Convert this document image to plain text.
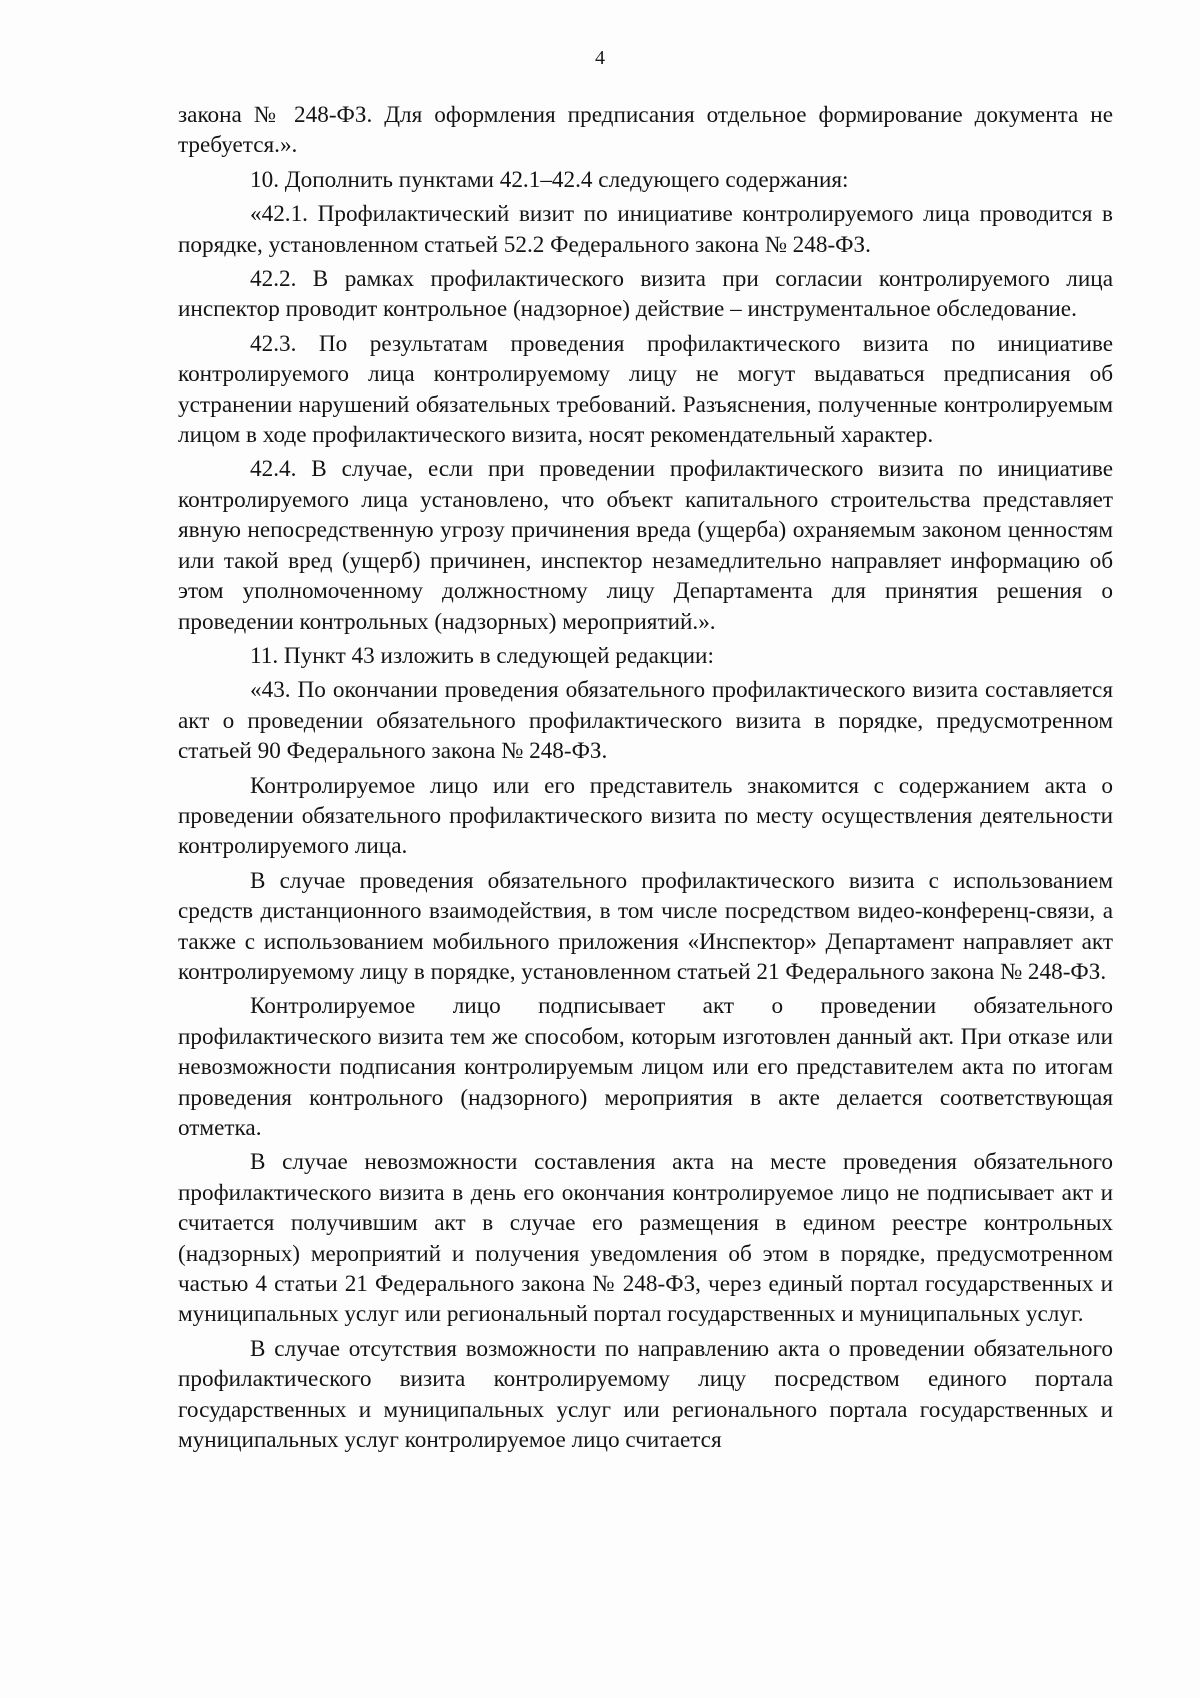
4

закона № 248-ФЗ. Для оформления предписания отдельное формирование документа не требуется.».

10. Дополнить пунктами 42.1–42.4 следующего содержания:

«42.1. Профилактический визит по инициативе контролируемого лица проводится в порядке, установленном статьей 52.2 Федерального закона № 248-ФЗ.

42.2. В рамках профилактического визита при согласии контролируемого лица инспектор проводит контрольное (надзорное) действие – инструментальное обследование.

42.3. По результатам проведения профилактического визита по инициативе контролируемого лица контролируемому лицу не могут выдаваться предписания об устранении нарушений обязательных требований. Разъяснения, полученные контролируемым лицом в ходе профилактического визита, носят рекомендательный характер.

42.4. В случае, если при проведении профилактического визита по инициативе контролируемого лица установлено, что объект капитального строительства представляет явную непосредственную угрозу причинения вреда (ущерба) охраняемым законом ценностям или такой вред (ущерб) причинен, инспектор незамедлительно направляет информацию об этом уполномоченному должностному лицу Департамента для принятия решения о проведении контрольных (надзорных) мероприятий.».

11. Пункт 43 изложить в следующей редакции:

«43. По окончании проведения обязательного профилактического визита составляется акт о проведении обязательного профилактического визита в порядке, предусмотренном статьей 90 Федерального закона № 248-ФЗ.

Контролируемое лицо или его представитель знакомится с содержанием акта о проведении обязательного профилактического визита по месту осуществления деятельности контролируемого лица.

В случае проведения обязательного профилактического визита с использованием средств дистанционного взаимодействия, в том числе посредством видео-конференц-связи, а также с использованием мобильного приложения «Инспектор» Департамент направляет акт контролируемому лицу в порядке, установленном статьей 21 Федерального закона № 248-ФЗ.

Контролируемое лицо подписывает акт о проведении обязательного профилактического визита тем же способом, которым изготовлен данный акт. При отказе или невозможности подписания контролируемым лицом или его представителем акта по итогам проведения контрольного (надзорного) мероприятия в акте делается соответствующая отметка.

В случае невозможности составления акта на месте проведения обязательного профилактического визита в день его окончания контролируемое лицо не подписывает акт и считается получившим акт в случае его размещения в едином реестре контрольных (надзорных) мероприятий и получения уведомления об этом в порядке, предусмотренном частью 4 статьи 21 Федерального закона № 248-ФЗ, через единый портал государственных и муниципальных услуг или региональный портал государственных и муниципальных услуг.

В случае отсутствия возможности по направлению акта о проведении обязательного профилактического визита контролируемому лицу посредством единого портала государственных и муниципальных услуг или регионального портала государственных и муниципальных услуг контролируемое лицо считается
